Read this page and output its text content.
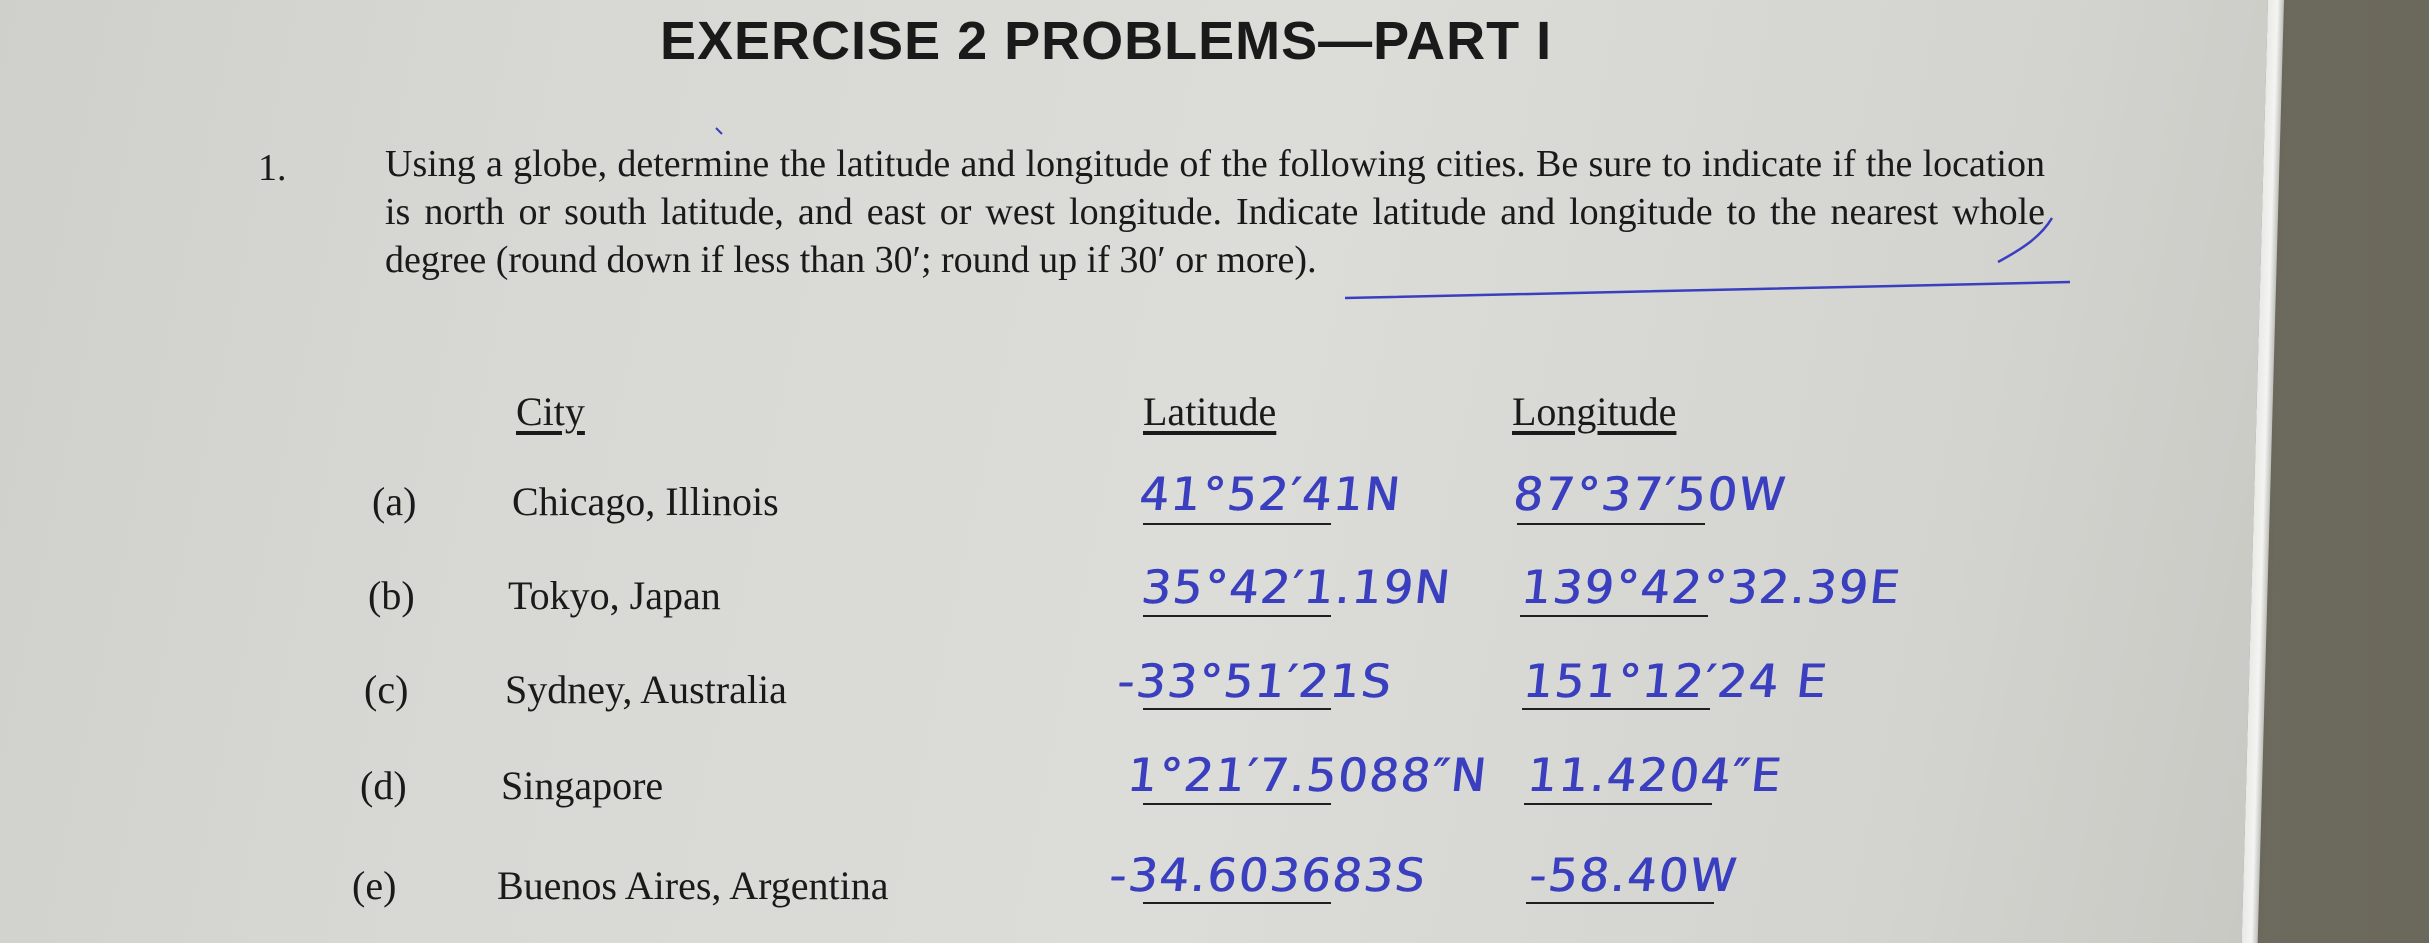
EXERCISE 2 PROBLEMS—PART I
1.	Using a globe, determine the latitude and longitude of the following cities. Be sure to indicate if the location is north or south latitude, and east or west longitude. Indicate latitude and longitude to the nearest whole degree (round down if less than 30′; round up if 30′ or more).
City	Latitude	Longitude
(a) Chicago, Illinois	41°52′41N 87°37′50W
(b) Tokyo, Japan	35°42′1.19N 139°42°32.39E
(c) Sydney, Australia	-33°51′21S	151°12′24 E
(d) Singapore	1°21′7.5088″N 11.4204″E
(e)	Buenos Aires, Argentina	-34.603683S -58.40W
